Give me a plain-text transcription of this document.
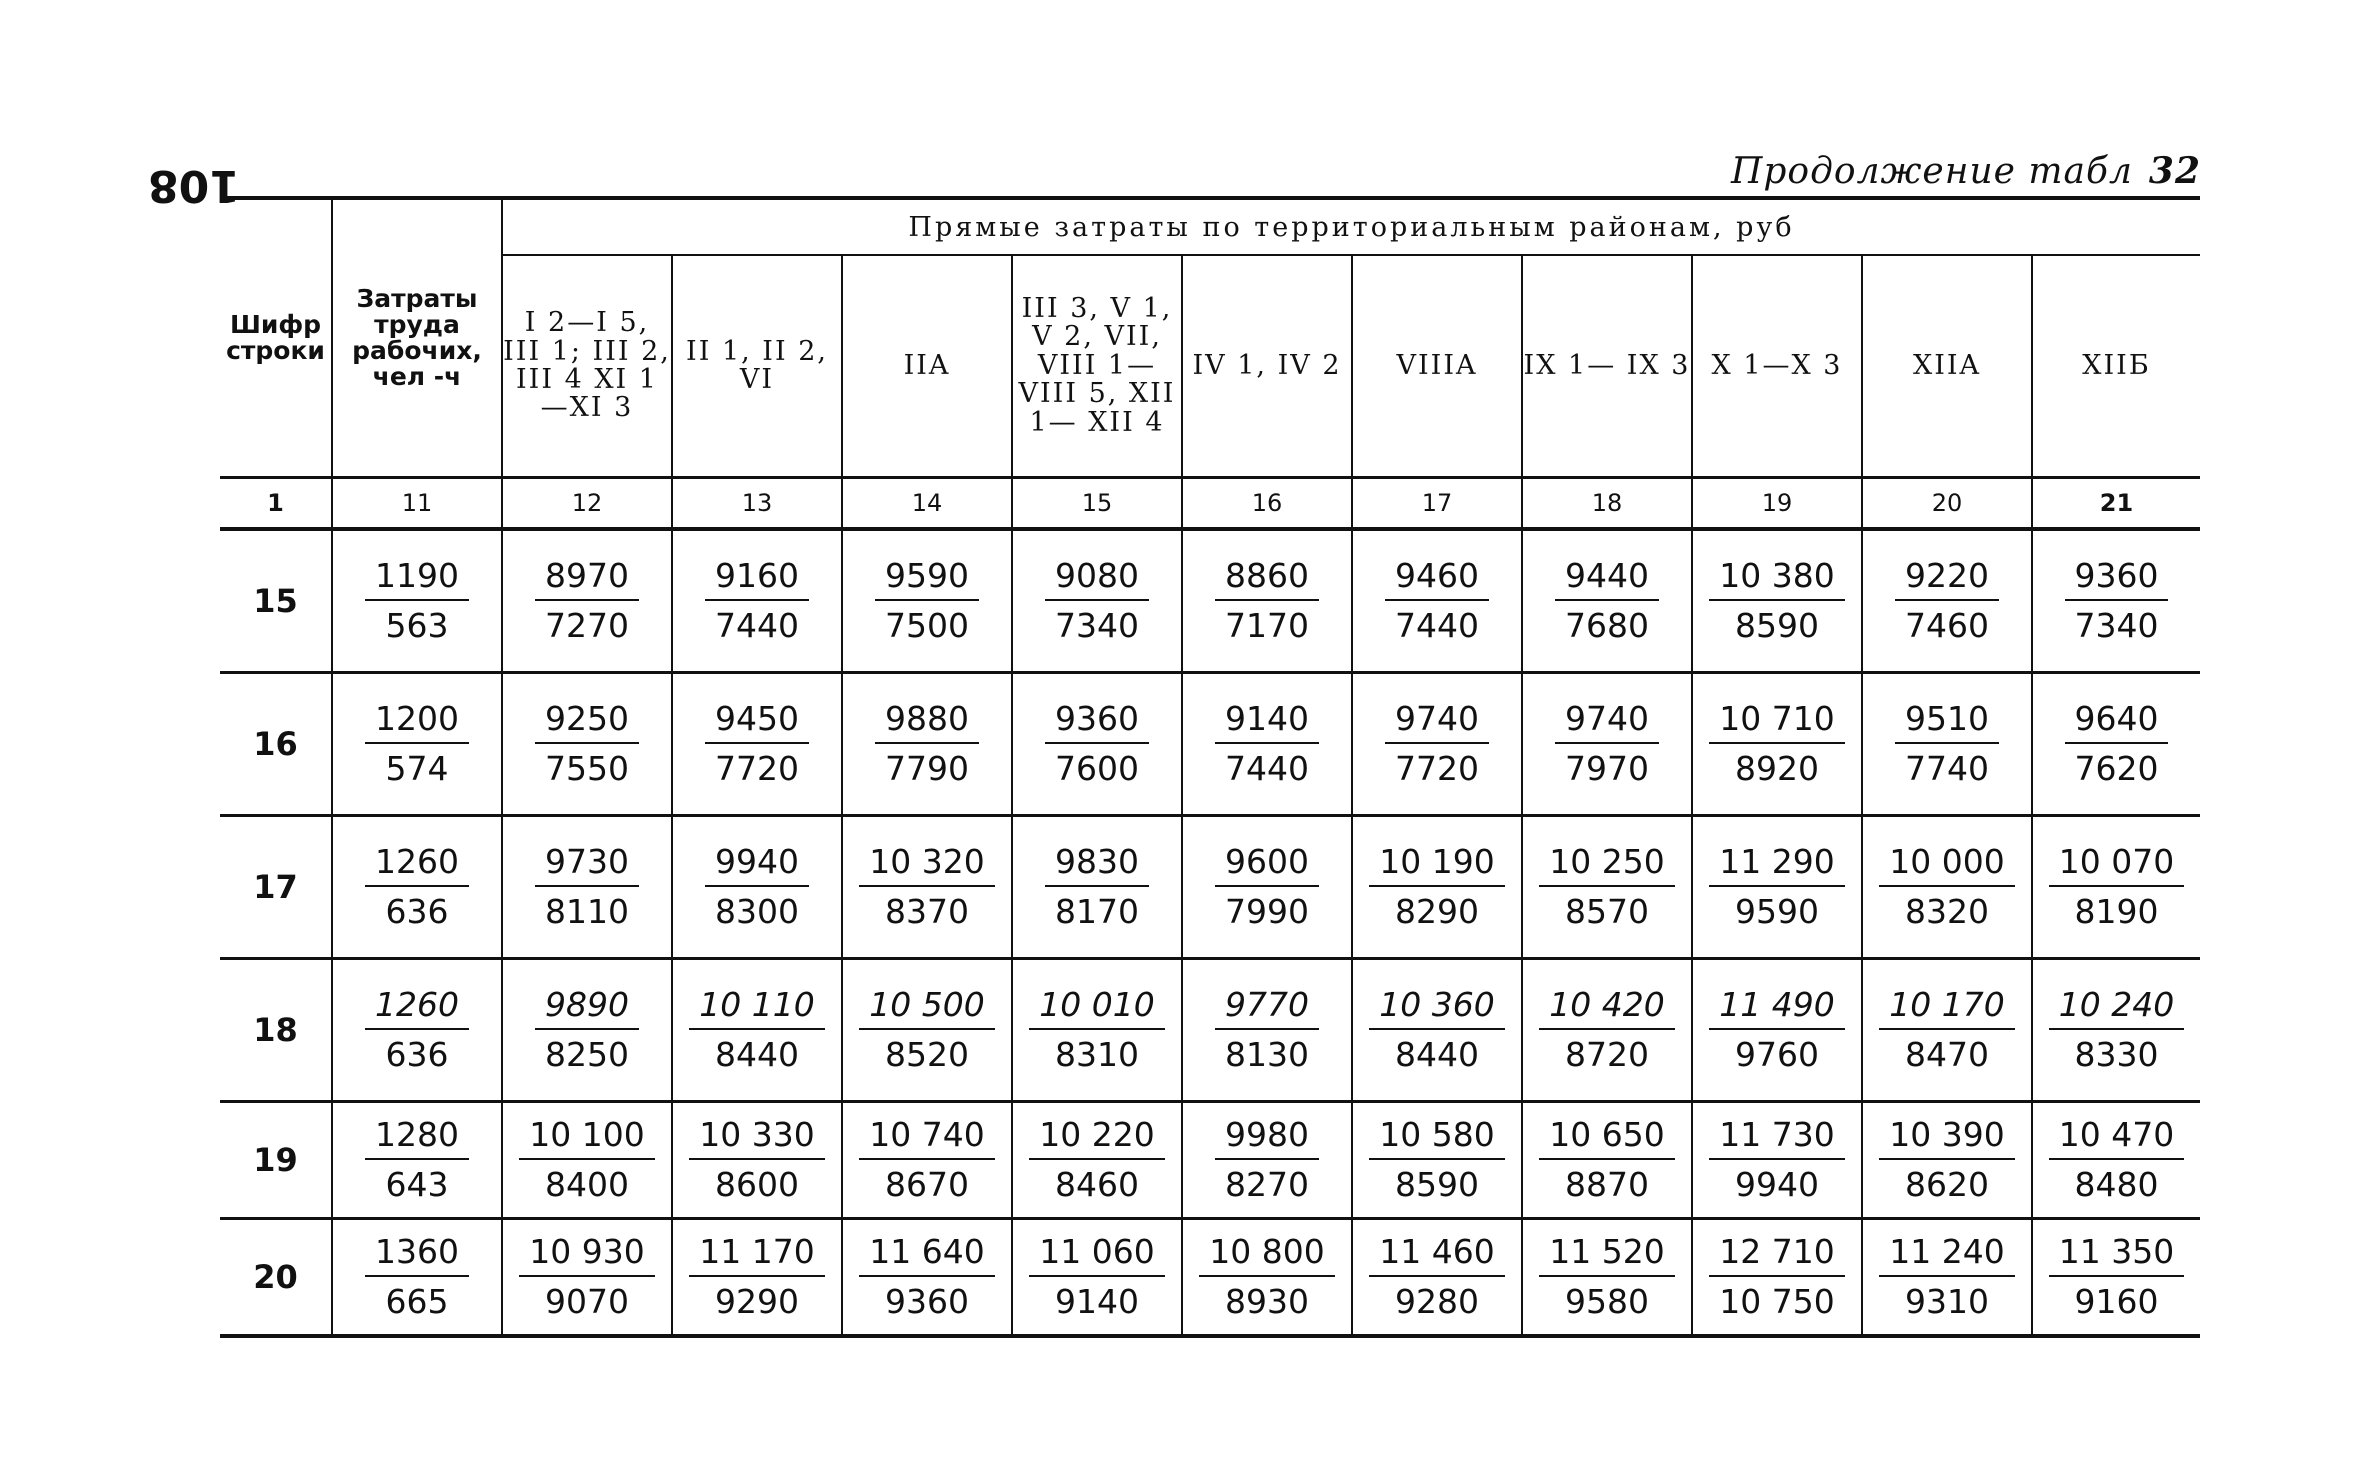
108	Продолжение табл 32
Шифр строки	Затраты труда рабочих, чел -ч	Прямые затраты по территориальным районам, руб									
		I 2—I 5, III 1; III 2, III 4 XI 1—XI 3	II 1, II 2, VI	IIA	III 3, V 1, V 2, VII, VIII 1— VIII 5, XII 1— XII 4	IV 1, IV 2	VIIIA	IX 1— IX 3	X 1—X 3	XIIA	XIIБ
1	11	12	13	14	15	16	17	18	19	20	21
15	$\frac{1190}{563}$	$\frac{8970}{7270}$	$\frac{9160}{7440}$	$\frac{9590}{7500}$	$\frac{9080}{7340}$	$\frac{8860}{7170}$	$\frac{9460}{7440}$	$\frac{9440}{7680}$	$\frac{10 380}{8590}$	$\frac{9220}{7460}$	$\frac{9360}{7340}$

16	$\frac{1200}{574}$	$\frac{9250}{7550}$	$\frac{9450}{7720}$	$\frac{9880}{7790}$	$\frac{9360}{7600}$	$\frac{9140}{7440}$	$\frac{9740}{7720}$	$\frac{9740}{7970}$	$\frac{10 710}{8920}$	$\frac{9510}{7740}$	$\frac{9640}{7620}$

17	$\frac{1260}{636}$	$\frac{9730}{8110}$	$\frac{9940}{8300}$	$\frac{10 320}{8370}$	$\frac{9830}{8170}$	$\frac{9600}{7990}$	$\frac{10 190}{8290}$	$\frac{10 250}{8570}$	$\frac{11 290}{9590}$	$\frac{10 000}{8320}$	$\frac{10 070}{8190}$

18	$\frac{1260}{636}$	$\frac{9890}{8250}$	$\frac{10 110}{8440}$	$\frac{10 500}{8520}$	$\frac{10 010}{8310}$	$\frac{9770}{8130}$	$\frac{10 360}{8440}$	$\frac{10 420}{8720}$	$\frac{11 490}{9760}$	$\frac{10 170}{8470}$	$\frac{10 240}{8330}$

19	$\frac{1280}{643}$	$\frac{10 100}{8400}$	$\frac{10 330}{8600}$	$\frac{10 740}{8670}$	$\frac{10 220}{8460}$	$\frac{9980}{8270}$	$\frac{10 580}{8590}$	$\frac{10 650}{8870}$	$\frac{11 730}{9940}$	$\frac{10 390}{8620}$	$\frac{10 470}{8480}$

20	$\frac{1360}{665}$	$\frac{10 930}{9070}$	$\frac{11 170}{9290}$	$\frac{11 640}{9360}$	$\frac{11 060}{9140}$	$\frac{10 800}{8930}$	$\frac{11 460}{9280}$	$\frac{11 520}{9580}$	$\frac{12 710}{10 750}$	$\frac{11 240}{9310}$	$\frac{11 350}{9160}$
